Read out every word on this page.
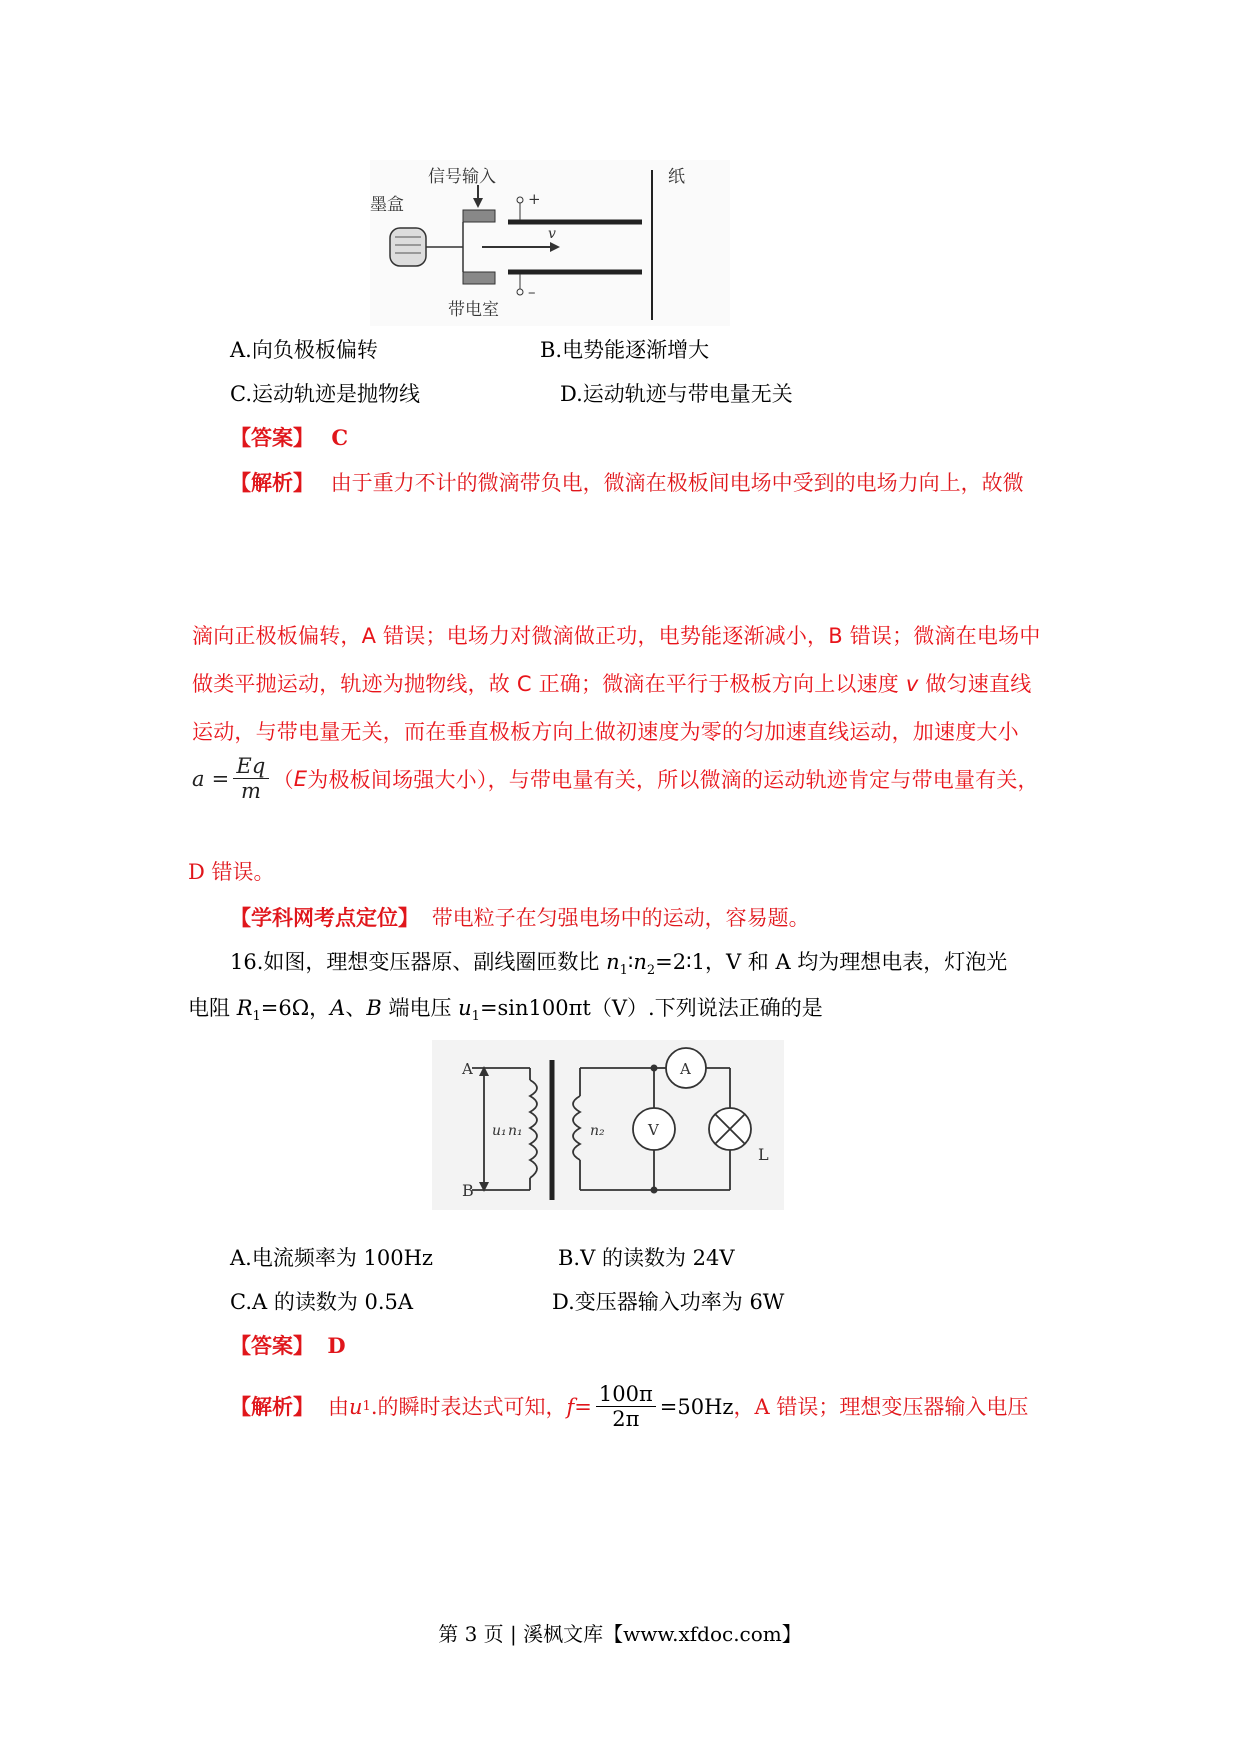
信号输入
墨盒
带电室
纸
+
–
v
A.向负极板偏转	B.电势能逐渐增大
C.运动轨迹是抛物线	D.运动轨迹与带电量无关
【答案】 C
【解析】 由于重力不计的微滴带负电，微滴在极板间电场中受到的电场力向上，故微
滴向正极板偏转，A 错误；电场力对微滴做正功，电势能逐渐减小，B 错误；微滴在电场中
做类平抛运动，轨迹为抛物线，故 C 正确；微滴在平行于极板方向上以速度 v 做匀速直线
运动，与带电量无关，而在垂直极板方向上做初速度为零的匀加速直线运动，加速度大小
$a = \frac{Eq}{m}$ （ E 为极板间场强大小），与带电量有关，所以微滴的运动轨迹肯定与带电量有关，
D 错误。
【学科网考点定位】 带电粒子在匀强电场中的运动，容易题。
16.如图，理想变压器原、副线圈匝数比 $n_1∶n_2=2∶1$，V 和 A 均为理想电表，灯泡光
电阻 $R_1=6\Omega$，A、B 端电压 $u_1=\sin 100\pi t(V)$.下列说法正确的是
A
B
u₁ n₁	n₂
A
V
L
A.电流频率为 100Hz	B.V 的读数为 24V
C.A 的读数为 0.5A	D.变压器输入功率为 6W
【答案】 D
【解析】 由 u 1 .的瞬时表达式可知， $f = \frac{100\pi}{2\pi} =50Hz$ ，A 错误；理想变压器输入电压
第 3 页 | 溪枫文库【www.xfdoc.com】
